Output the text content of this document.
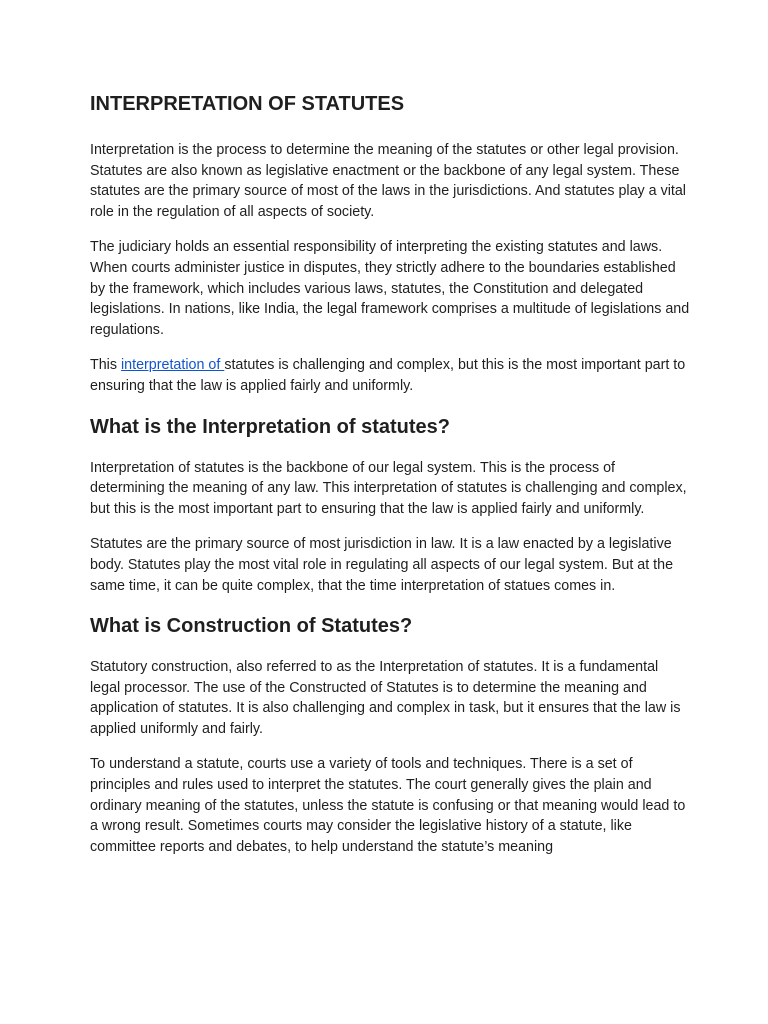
INTERPRETATION OF STATUTES

Interpretation is the process to determine the meaning of the statutes or other legal provision. Statutes are also known as legislative enactment or the backbone of any legal system. These statutes are the primary source of most of the laws in the jurisdictions. And statutes play a vital role in the regulation of all aspects of society.

The judiciary holds an essential responsibility of interpreting the existing statutes and laws. When courts administer justice in disputes, they strictly adhere to the boundaries established by the framework, which includes various laws, statutes, the Constitution and delegated legislations. In nations, like India, the legal framework comprises a multitude of legislations and regulations.

This interpretation of statutes is challenging and complex, but this is the most important part to ensuring that the law is applied fairly and uniformly.

What is the Interpretation of statutes?

Interpretation of statutes is the backbone of our legal system. This is the process of determining the meaning of any law. This interpretation of statutes is challenging and complex, but this is the most important part to ensuring that the law is applied fairly and uniformly.

Statutes are the primary source of most jurisdiction in law. It is a law enacted by a legislative body. Statutes play the most vital role in regulating all aspects of our legal system. But at the same time, it can be quite complex, that the time interpretation of statues comes in.

What is Construction of Statutes?

Statutory construction, also referred to as the Interpretation of statutes. It is a fundamental legal processor. The use of the Constructed of Statutes is to determine the meaning and application of statutes. It is also challenging and complex in task, but it ensures that the law is applied uniformly and fairly.

To understand a statute, courts use a variety of tools and techniques. There is a set of principles and rules used to interpret the statutes. The court generally gives the plain and ordinary meaning of the statutes, unless the statute is confusing or that meaning would lead to a wrong result. Sometimes courts may consider the legislative history of a statute, like committee reports and debates, to help understand the statute’s meaning
